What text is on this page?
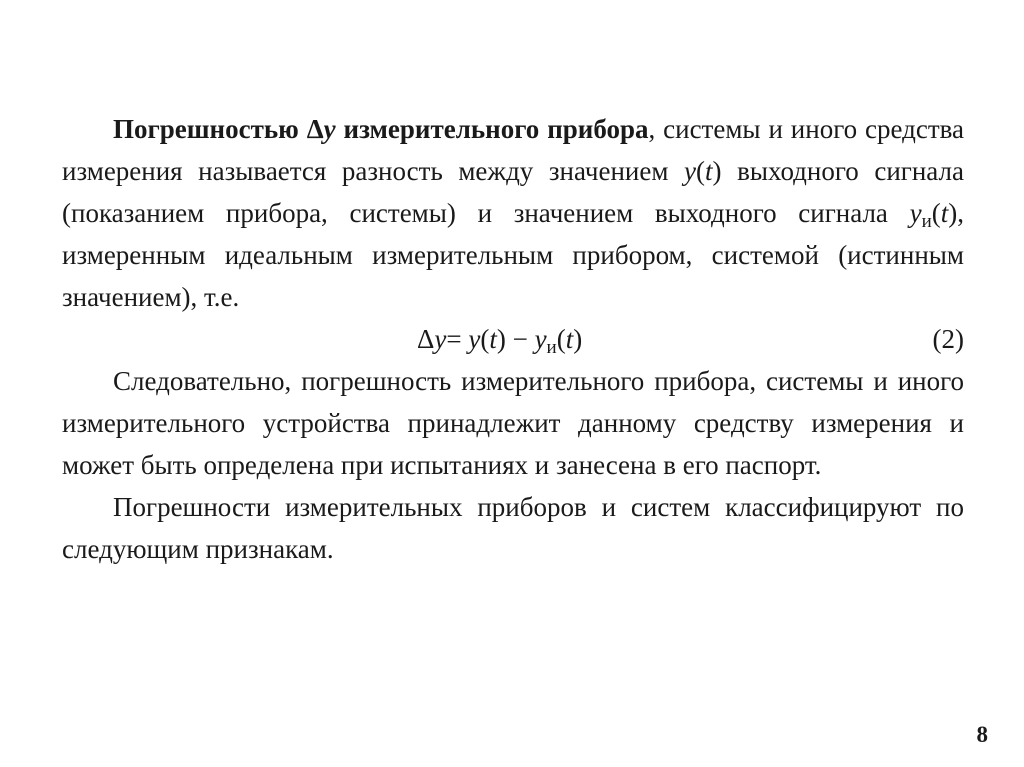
Погрешностью Δy измерительного прибора, системы и иного средства измерения называется разность между значением y(t) выходного сигнала (показанием прибора, системы) и значением выходного сигнала $y_и(t)$, измеренным идеальным измерительным прибором, системой (истинным значением), т.е.

$\Delta y= y(t) - y_и(t)$	(2)

Следовательно, погрешность измерительного прибора, системы и иного измерительного устройства принадлежит данному средству измерения и может быть определена при испытаниях и занесена в его паспорт.

Погрешности измерительных приборов и систем классифицируют по следующим признакам.

8
